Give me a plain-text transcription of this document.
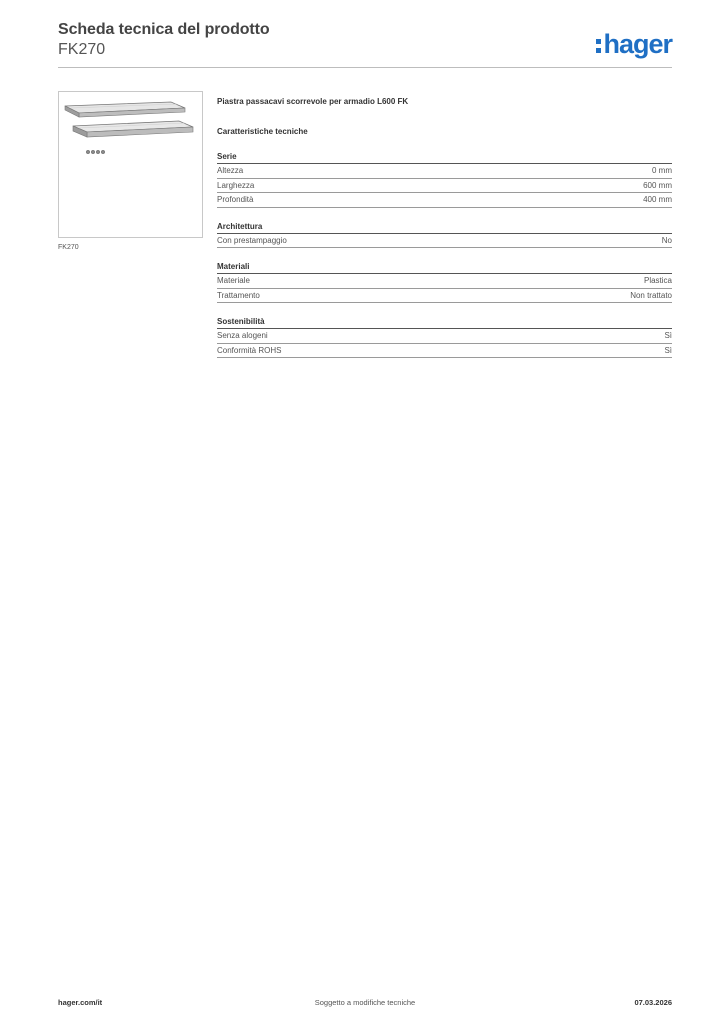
Scheda tecnica del prodotto
FK270	hager
FK270
Piastra passacavi scorrevole per armadio L600 FK
Caratteristiche tecniche
Serie
Altezza	0 mm
Larghezza	600 mm
Profondità	400 mm
Architettura
Con prestampaggio	No
Materiali
Materiale	Plastica
Trattamento	Non trattato
Sostenibilità
Senza alogeni	Sì
Conformità ROHS	Sì
Soggetto a modifiche tecniche
hager.com/it	07.03.2026
